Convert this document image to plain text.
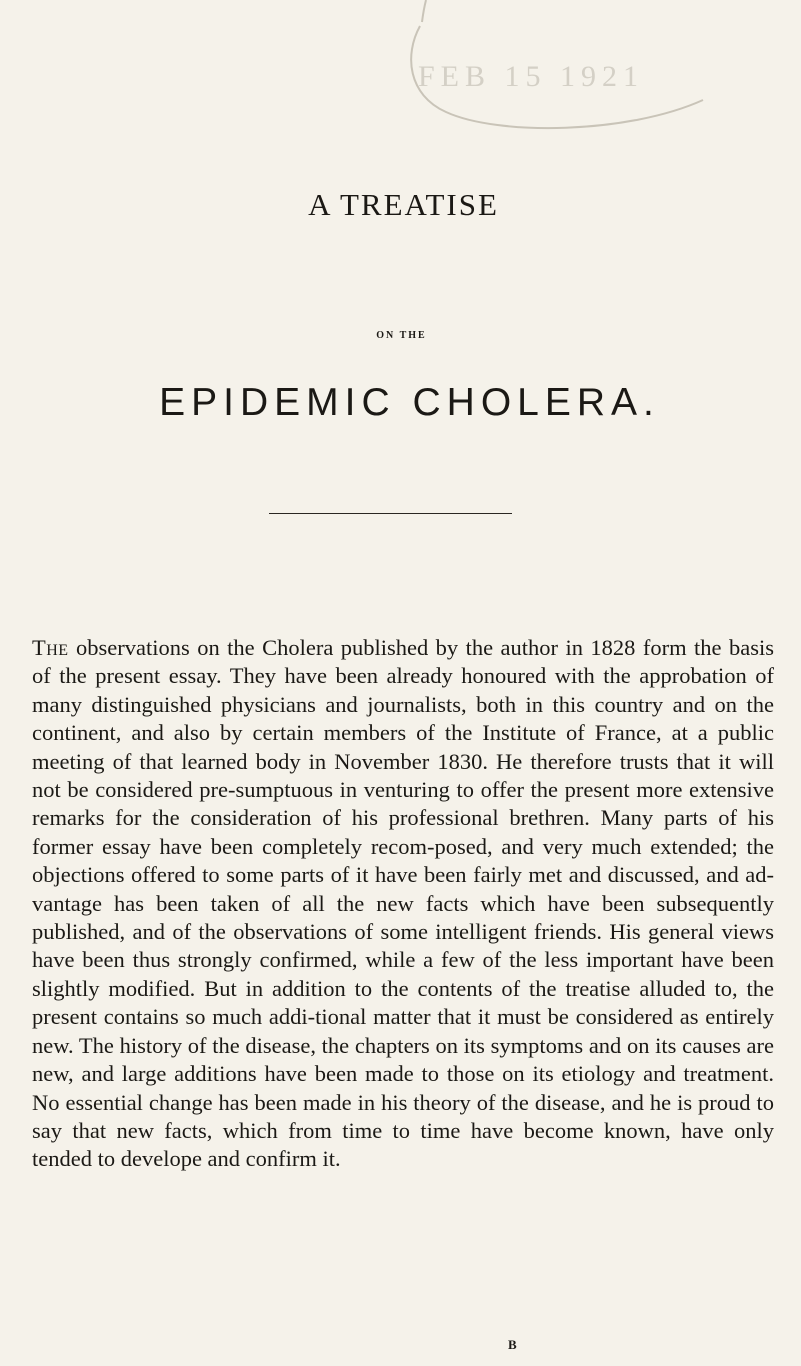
FEB 15 1921
A TREATISE
ON THE
EPIDEMIC CHOLERA.
The observations on the Cholera published by the author in 1828 form the basis of the present essay. They have been already honoured with the approbation of many distinguished physicians and journalists, both in this country and on the continent, and also by certain members of the Institute of France, at a public meeting of that learned body in November 1830. He therefore trusts that it will not be considered pre-sumptuous in venturing to offer the present more extensive remarks for the consideration of his professional brethren. Many parts of his former essay have been completely recom-posed, and very much extended; the objections offered to some parts of it have been fairly met and discussed, and ad-vantage has been taken of all the new facts which have been subsequently published, and of the observations of some intelligent friends. His general views have been thus strongly confirmed, while a few of the less important have been slightly modified. But in addition to the contents of the treatise alluded to, the present contains so much addi-tional matter that it must be considered as entirely new. The history of the disease, the chapters on its symptoms and on its causes are new, and large additions have been made to those on its etiology and treatment. No essential change has been made in his theory of the disease, and he is proud to say that new facts, which from time to time have become known, have only tended to develope and confirm it.
B
